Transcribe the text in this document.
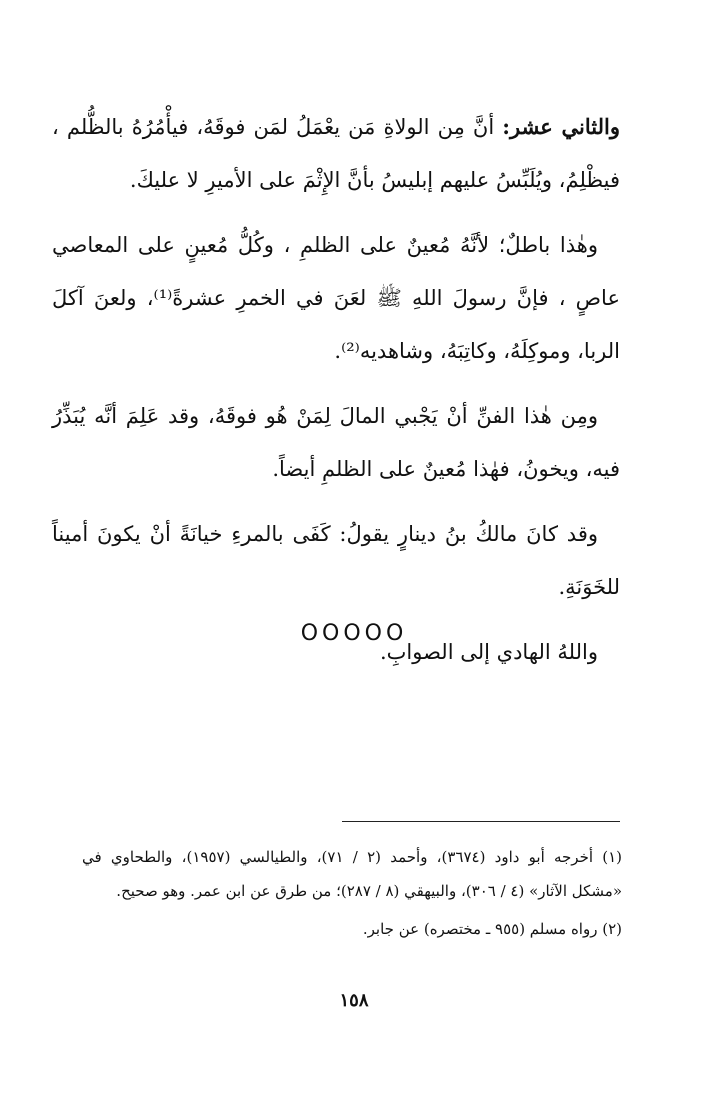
والثاني عشر: أنَّ مِن الولاةِ مَن يعْمَلُ لمَن فوقَهُ، فيأْمُرُهُ بالظُّلم ، فيظْلِمُ، ويُلَبِّسُ عليهم إبليسُ بأنَّ الإِثْمَ على الأميرِ لا عليكَ.

وهٰذا باطلٌ؛ لأنَّهُ مُعينٌ على الظلمِ ، وكُلُّ مُعينٍ على المعاصي عاصٍ ، فإنَّ رسولَ اللهِ ﷺ لعَنَ في الخمرِ عشرةً⁽¹⁾، ولعنَ آكلَ الربا، وموكِلَهُ، وكاتِبَهُ، وشاهديه⁽²⁾.

ومِن هٰذا الفنِّ أنْ يَجْبي المالَ لِمَنْ هُو فوقَهُ، وقد عَلِمَ أنَّه يُبَذِّرُ فيه، ويخونُ، فهٰذا مُعينٌ على الظلمِ أيضاً.

وقد كانَ مالكُ بنُ دينارٍ يقولُ: كَفَى بالمرءِ خيانَةً أنْ يكونَ أميناً للخَوَنَةِ.

واللهُ الهادي إلى الصوابِ.

OOOOO

(١) أخرجه أبو داود (٣٦٧٤)، وأحمد (٢ / ٧١)، والطيالسي (١٩٥٧)، والطحاوي في «مشكل الآثار» (٤ / ٣٠٦)، والبيهقي (٨ / ٢٨٧)؛ من طرق عن ابن عمر. وهو صحيح.

(٢) رواه مسلم (٩٥٥ ـ مختصره) عن جابر.

١٥٨
